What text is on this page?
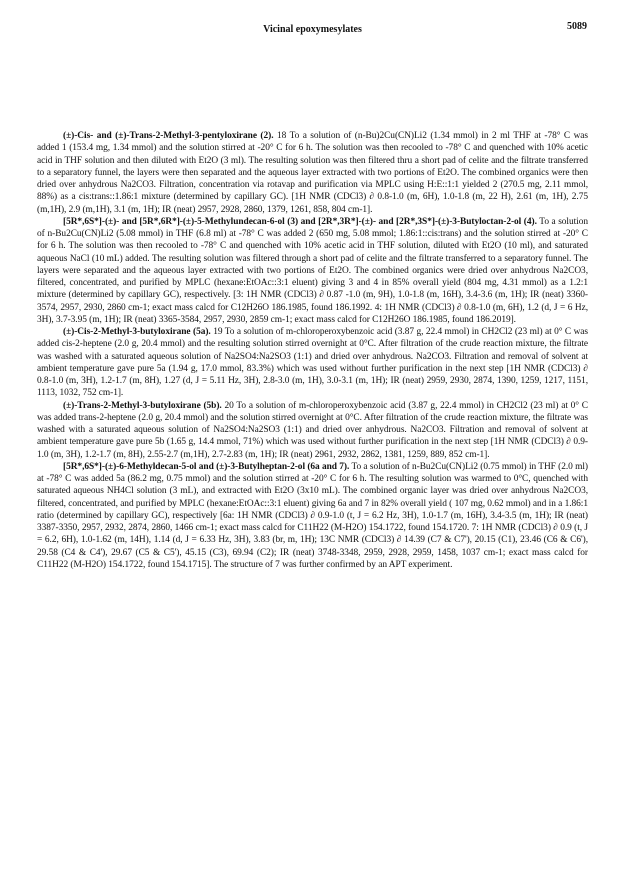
Vicinal epoxymesylates	5089

(±)-Cis- and (±)-Trans-2-Methyl-3-pentyloxirane (2). 18 To a solution of (n-Bu)2Cu(CN)Li2 (1.34 mmol) in 2 ml THF at -78° C was added 1 (153.4 mg, 1.34 mmol) and the solution stirred at -20° C for 6 h. The solution was then recooled to -78° C and quenched with 10% acetic acid in THF solution and then diluted with Et2O (3 ml). The resulting solution was then filtered thru a short pad of celite and the filtrate transferred to a separatory funnel, the layers were then separated and the aqueous layer extracted with two portions of Et2O. The combined organics were then dried over anhydrous Na2CO3. Filtration, concentration via rotavap and purification via MPLC using H:E::1:1 yielded 2 (270.5 mg, 2.11 mmol, 88%) as a cis:trans::1.86:1 mixture (determined by capillary GC). [1H NMR (CDCl3) ∂ 0.8-1.0 (m, 6H), 1.0-1.8 (m, 22 H), 2.61 (m, 1H), 2.75 (m,1H), 2.9 (m,1H), 3.1 (m, 1H); IR (neat) 2957, 2928, 2860, 1379, 1261, 858, 804 cm-1].

[5R*,6S*]-(±)- and [5R*,6R*]-(±)-5-Methylundecan-6-ol (3) and [2R*,3R*]-(±)- and [2R*,3S*]-(±)-3-Butyloctan-2-ol (4). To a solution of n-Bu2Cu(CN)Li2 (5.08 mmol) in THF (6.8 ml) at -78° C was added 2 (650 mg, 5.08 mmol; 1.86:1::cis:trans) and the solution stirred at -20° C for 6 h. The solution was then recooled to -78° C and quenched with 10% acetic acid in THF solution, diluted with Et2O (10 ml), and saturated aqueous NaCl (10 mL) added. The resulting solution was filtered through a short pad of celite and the filtrate transferred to a separatory funnel. The layers were separated and the aqueous layer extracted with two portions of Et2O. The combined organics were dried over anhydrous Na2CO3, filtered, concentrated, and purified by MPLC (hexane:EtOAc::3:1 eluent) giving 3 and 4 in 85% overall yield (804 mg, 4.31 mmol) as a 1.2:1 mixture (determined by capillary GC), respectively. [3: 1H NMR (CDCl3) ∂ 0.87 -1.0 (m, 9H), 1.0-1.8 (m, 16H), 3.4-3.6 (m, 1H); IR (neat) 3360-3574, 2957, 2930, 2860 cm-1; exact mass calcd for C12H26O 186.1985, found 186.1992. 4: 1H NMR (CDCl3) ∂ 0.8-1.0 (m, 6H), 1.2 (d, J = 6 Hz, 3H), 3.7-3.95 (m, 1H); IR (neat) 3365-3584, 2957, 2930, 2859 cm-1; exact mass calcd for C12H26O 186.1985, found 186.2019].

(±)-Cis-2-Methyl-3-butyloxirane (5a). 19 To a solution of m-chloroperoxybenzoic acid (3.87 g, 22.4 mmol) in CH2Cl2 (23 ml) at 0° C was added cis-2-heptene (2.0 g, 20.4 mmol) and the resulting solution stirred overnight at 0°C. After filtration of the crude reaction mixture, the filtrate was washed with a saturated aqueous solution of Na2SO4:Na2SO3 (1:1) and dried over anhydrous. Na2CO3. Filtration and removal of solvent at ambient temperature gave pure 5a (1.94 g, 17.0 mmol, 83.3%) which was used without further purification in the next step [1H NMR (CDCl3) ∂ 0.8-1.0 (m, 3H), 1.2-1.7 (m, 8H), 1.27 (d, J = 5.11 Hz, 3H), 2.8-3.0 (m, 1H), 3.0-3.1 (m, 1H); IR (neat) 2959, 2930, 2874, 1390, 1259, 1217, 1151, 1113, 1032, 752 cm-1].

(±)-Trans-2-Methyl-3-butyloxirane (5b). 20 To a solution of m-chloroperoxybenzoic acid (3.87 g, 22.4 mmol) in CH2Cl2 (23 ml) at 0° C was added trans-2-heptene (2.0 g, 20.4 mmol) and the solution stirred overnight at 0°C. After filtration of the crude reaction mixture, the filtrate was washed with a saturated aqueous solution of Na2SO4:Na2SO3 (1:1) and dried over anhydrous. Na2CO3. Filtration and removal of solvent at ambient temperature gave pure 5b (1.65 g, 14.4 mmol, 71%) which was used without further purification in the next step [1H NMR (CDCl3) ∂ 0.9-1.0 (m, 3H), 1.2-1.7 (m, 8H), 2.55-2.7 (m,1H), 2.7-2.83 (m, 1H); IR (neat) 2961, 2932, 2862, 1381, 1259, 889, 852 cm-1].

[5R*,6S*]-(±)-6-Methyldecan-5-ol and (±)-3-Butylheptan-2-ol (6a and 7). To a solution of n-Bu2Cu(CN)Li2 (0.75 mmol) in THF (2.0 ml) at -78° C was added 5a (86.2 mg, 0.75 mmol) and the solution stirred at -20° C for 6 h. The resulting solution was warmed to 0°C, quenched with saturated aqueous NH4Cl solution (3 mL), and extracted with Et2O (3x10 mL). The combined organic layer was dried over anhydrous Na2CO3, filtered, concentrated, and purified by MPLC (hexane:EtOAc::3:1 eluent) giving 6a and 7 in 82% overall yield ( 107 mg, 0.62 mmol) and in a 1.86:1 ratio (determined by capillary GC), respectively [6a: 1H NMR (CDCl3) ∂ 0.9-1.0 (t, J = 6.2 Hz, 3H), 1.0-1.7 (m, 16H), 3.4-3.5 (m, 1H); IR (neat) 3387-3350, 2957, 2932, 2874, 2860, 1466 cm-1; exact mass calcd for C11H22 (M-H2O) 154.1722, found 154.1720. 7: 1H NMR (CDCl3) ∂ 0.9 (t, J = 6.2, 6H), 1.0-1.62 (m, 14H), 1.14 (d, J = 6.33 Hz, 3H), 3.83 (br, m, 1H); 13C NMR (CDCl3) ∂ 14.39 (C7 & C7'), 20.15 (C1), 23.46 (C6 & C6'), 29.58 (C4 & C4'), 29.67 (C5 & C5'), 45.15 (C3), 69.94 (C2); IR (neat) 3748-3348, 2959, 2928, 2959, 1458, 1037 cm-1; exact mass calcd for C11H22 (M-H2O) 154.1722, found 154.1715]. The structure of 7 was further confirmed by an APT experiment.
